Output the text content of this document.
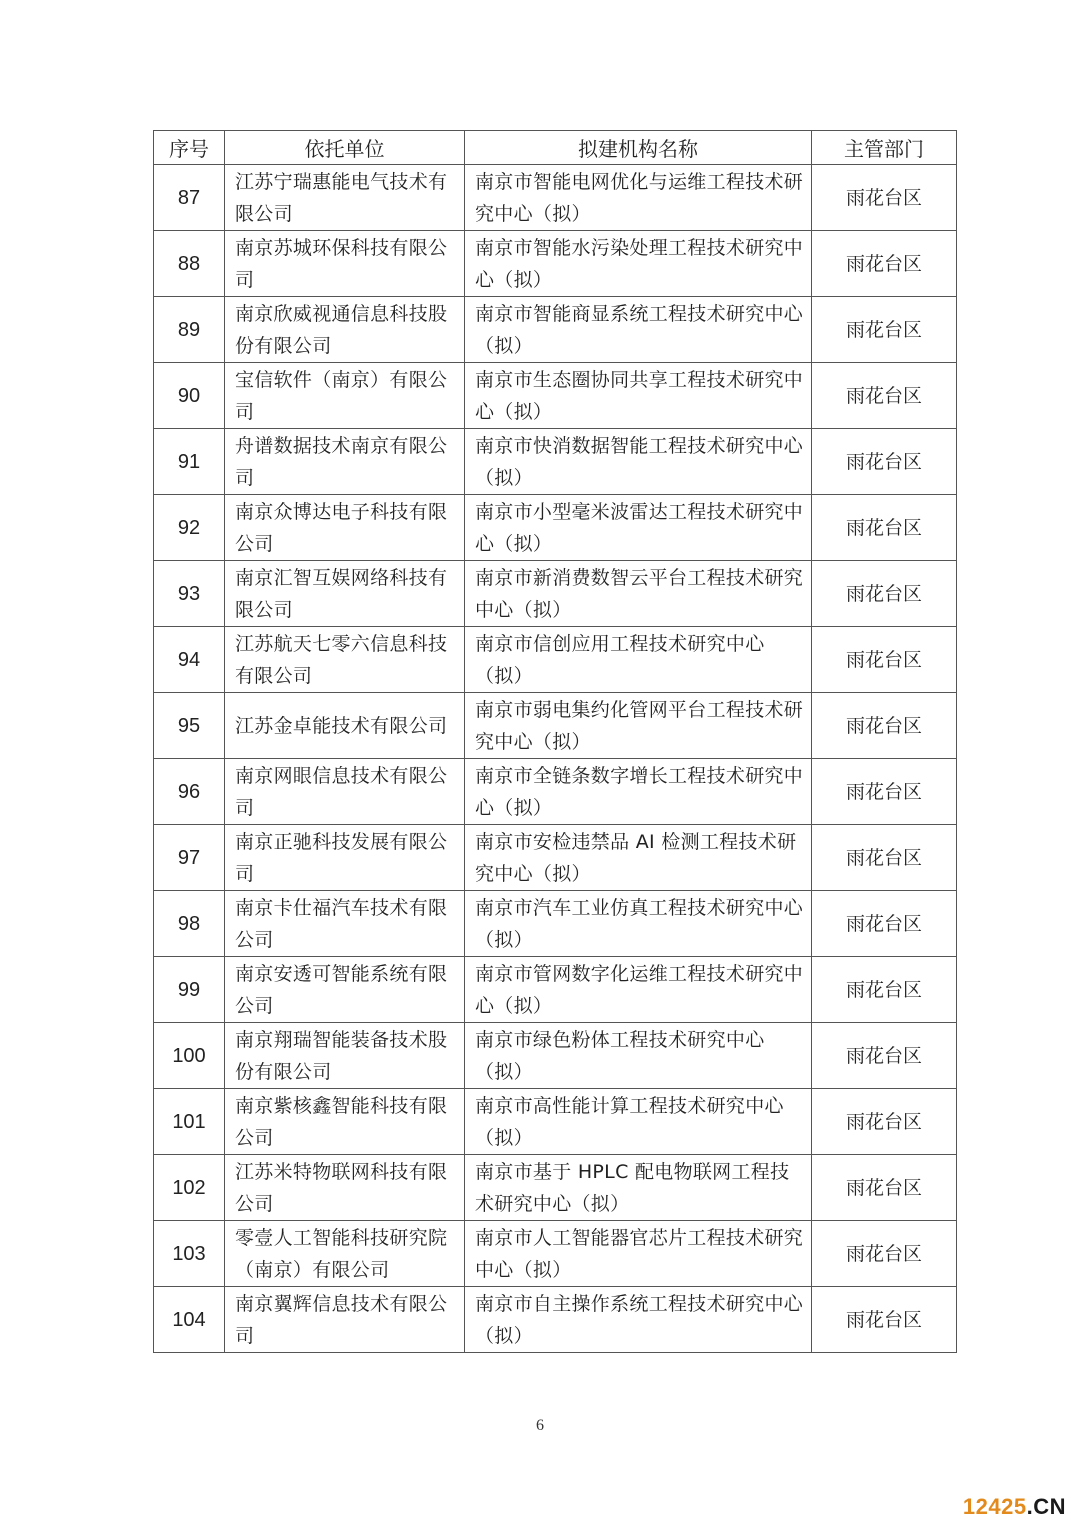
序号	依托单位	拟建机构名称	主管部门
87	江苏宁瑞惠能电气技术有限公司	南京市智能电网优化与运维工程技术研究中心（拟）	雨花台区
88	南京苏城环保科技有限公司	南京市智能水污染处理工程技术研究中心（拟）	雨花台区
89	南京欣威视通信息科技股份有限公司	南京市智能商显系统工程技术研究中心（拟）	雨花台区
90	宝信软件（南京）有限公司	南京市生态圈协同共享工程技术研究中心（拟）	雨花台区
91	舟谱数据技术南京有限公司	南京市快消数据智能工程技术研究中心（拟）	雨花台区
92	南京众博达电子科技有限公司	南京市小型毫米波雷达工程技术研究中心（拟）	雨花台区
93	南京汇智互娱网络科技有限公司	南京市新消费数智云平台工程技术研究中心（拟）	雨花台区
94	江苏航天七零六信息科技有限公司	南京市信创应用工程技术研究中心（拟）	雨花台区
95	江苏金卓能技术有限公司	南京市弱电集约化管网平台工程技术研究中心（拟）	雨花台区
96	南京网眼信息技术有限公司	南京市全链条数字增长工程技术研究中心（拟）	雨花台区
97	南京正驰科技发展有限公司	南京市安检违禁品 AI 检测工程技术研究中心（拟）	雨花台区
98	南京卡仕福汽车技术有限公司	南京市汽车工业仿真工程技术研究中心（拟）	雨花台区
99	南京安透可智能系统有限公司	南京市管网数字化运维工程技术研究中心（拟）	雨花台区
100	南京翔瑞智能装备技术股份有限公司	南京市绿色粉体工程技术研究中心（拟）	雨花台区
101	南京紫核鑫智能科技有限公司	南京市高性能计算工程技术研究中心（拟）	雨花台区
102	江苏米特物联网科技有限公司	南京市基于 HPLC 配电物联网工程技术研究中心（拟）	雨花台区
103	零壹人工智能科技研究院（南京）有限公司	南京市人工智能器官芯片工程技术研究中心（拟）	雨花台区
104	南京翼辉信息技术有限公司	南京市自主操作系统工程技术研究中心（拟）	雨花台区
6
12425.CN
